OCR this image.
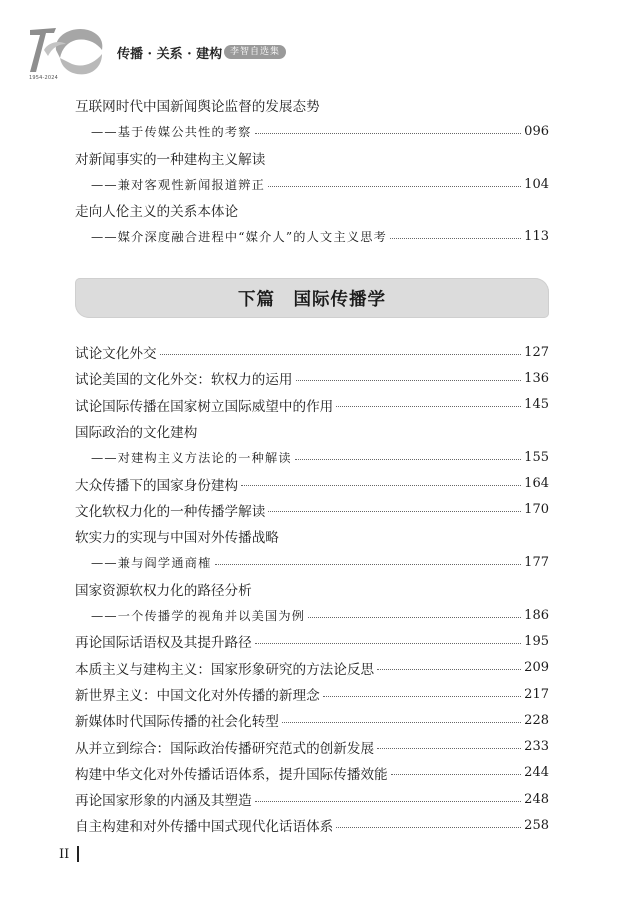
1954-2024
传播 · 关系 · 建构 李智自选集
互联网时代中国新闻舆论监督的发展态势
——基于传媒公共性的考察	096
对新闻事实的一种建构主义解读
——兼对客观性新闻报道辨正	104
走向人伦主义的关系本体论
——媒介深度融合进程中“媒介人”的人文主义思考	113
下篇　国际传播学
试论文化外交	127
试论美国的文化外交：软权力的运用	136
试论国际传播在国家树立国际威望中的作用	145
国际政治的文化建构
——对建构主义方法论的一种解读	155
大众传播下的国家身份建构	164
文化软权力化的一种传播学解读	170
软实力的实现与中国对外传播战略
——兼与阎学通商榷	177
国家资源软权力化的路径分析
——一个传播学的视角并以美国为例	186
再论国际话语权及其提升路径	195
本质主义与建构主义：国家形象研究的方法论反思	209
新世界主义：中国文化对外传播的新理念	217
新媒体时代国际传播的社会化转型	228
从并立到综合：国际政治传播研究范式的创新发展	233
构建中华文化对外传播话语体系，提升国际传播效能	244
再论国家形象的内涵及其塑造	248
自主构建和对外传播中国式现代化话语体系	258
II
